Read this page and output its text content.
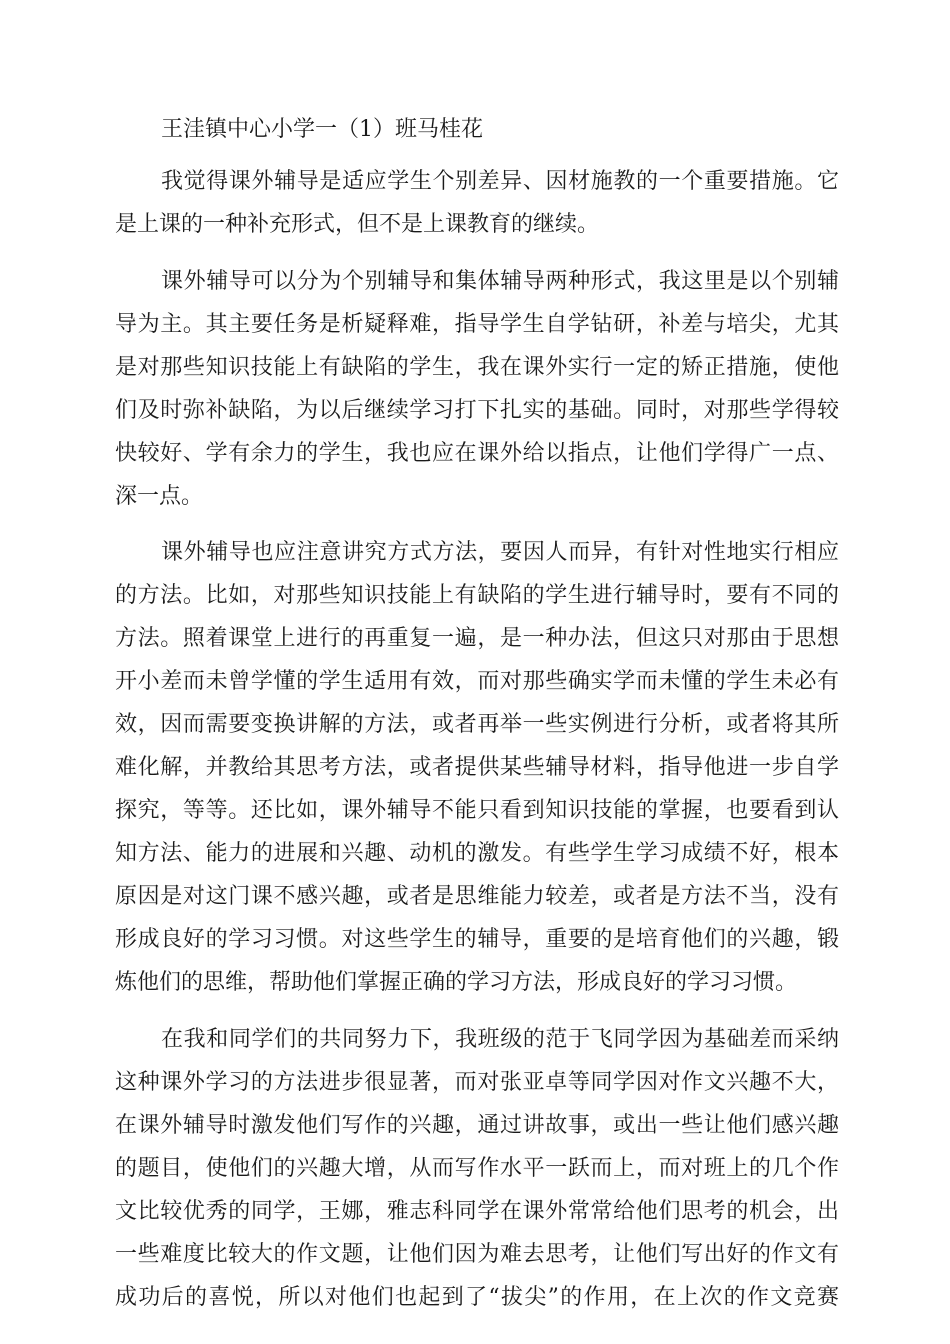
王洼镇中心小学一（1）班马桂花
我觉得课外辅导是适应学生个别差异、因材施教的一个重要措施。它
是上课的一种补充形式，但不是上课教育的继续。
课外辅导可以分为个别辅导和集体辅导两种形式，我这里是以个别辅
导为主。其主要任务是析疑释难，指导学生自学钻研，补差与培尖，尤其
是对那些知识技能上有缺陷的学生，我在课外实行一定的矫正措施，使他
们及时弥补缺陷，为以后继续学习打下扎实的基础。同时，对那些学得较
快较好、学有余力的学生，我也应在课外给以指点，让他们学得广一点、
深一点。
课外辅导也应注意讲究方式方法，要因人而异，有针对性地实行相应
的方法。比如，对那些知识技能上有缺陷的学生进行辅导时，要有不同的
方法。照着课堂上进行的再重复一遍，是一种办法，但这只对那由于思想
开小差而未曾学懂的学生适用有效，而对那些确实学而未懂的学生未必有
效，因而需要变换讲解的方法，或者再举一些实例进行分析，或者将其所
难化解，并教给其思考方法，或者提供某些辅导材料，指导他进一步自学
探究，等等。还比如，课外辅导不能只看到知识技能的掌握，也要看到认
知方法、能力的进展和兴趣、动机的激发。有些学生学习成绩不好，根本
原因是对这门课不感兴趣，或者是思维能力较差，或者是方法不当，没有
形成良好的学习习惯。对这些学生的辅导，重要的是培育他们的兴趣，锻
炼他们的思维，帮助他们掌握正确的学习方法，形成良好的学习习惯。
在我和同学们的共同努力下，我班级的范于飞同学因为基础差而采纳
这种课外学习的方法进步很显著，而对张亚卓等同学因对作文兴趣不大，
在课外辅导时激发他们写作的兴趣，通过讲故事，或出一些让他们感兴趣
的题目，使他们的兴趣大增，从而写作水平一跃而上，而对班上的几个作
文比较优秀的同学，王娜，雅志科同学在课外常常给他们思考的机会，出
一些难度比较大的作文题，让他们因为难去思考，让他们写出好的作文有
成功后的喜悦，所以对他们也起到了“拔尖”的作用，在上次的作文竞赛
